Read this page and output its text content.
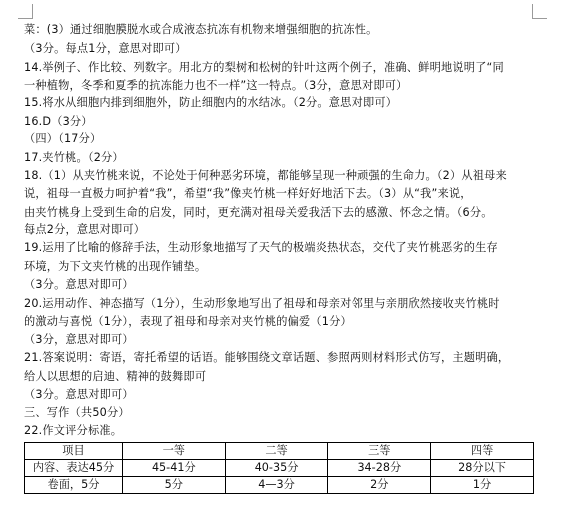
菜：(3）通过细胞膜脱水或合成液态抗冻有机物来增强细胞的抗冻性。
（3分。每点1分，意思对即可）
14.举例子、作比较、列数字。用北方的梨树和松树的针叶这两个例子，准确、鲜明地说明了“同
一种植物，冬季和夏季的抗冻能力也不一样”这一特点。（3分，意思对即可）
15.将水从细胞内排到细胞外，防止细胞内的水结冰。（2分。意思对即可）
16.D（3分）
（四）（17分）
17.夹竹桃。（2分）
18.（1）从夹竹桃来说，不论处于何种恶劣环境，都能够呈现一种顽强的生命力。（2）从祖母来
说，祖母一直极力呵护着“我”，希望“我”像夹竹桃一样好好地活下去。（3）从“我”来说，
由夹竹桃身上受到生命的启发，同时，更充满对祖母关爱我活下去的感激、怀念之情。（6分。
每点2分，意思对即可）
19.运用了比喻的修辞手法，生动形象地描写了天气的极端炎热状态，交代了夹竹桃恶劣的生存
环境，为下文夹竹桃的出现作铺垫。
（3分。意思对即可）
20.运用动作、神态描写（1分），生动形象地写出了祖母和母亲对邻里与亲朋欣然接收夹竹桃时
的激动与喜悦（1分），表现了祖母和母亲对夹竹桃的偏爱（1分）
（3分，意思对即可）
21.答案说明：寄语，寄托希望的话语。能够围绕文章话题、参照两则材料形式仿写，主题明确，
给人以思想的启迪、精神的鼓舞即可
（3分。意思对即可）
三、写作（共50分）
22.作文评分标准。
项目	一等	二等	三等	四等
内容、表达45分	45-41分	40-35分	34-28分	28分以下
卷面，5分	5分	4—3分	2分	1分
